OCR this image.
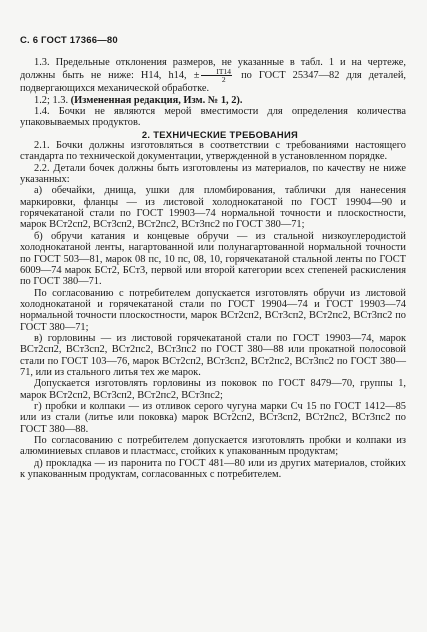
С. 6 ГОСТ 17366—80

1.3. Предельные отклонения размеров, не указанные в табл. 1 и на чертеже, должны быть не ниже: Н14, h14, ± $\frac{IT14}{2}$ по ГОСТ 25347—82 для деталей, подвергающихся механической обработке.

1.2; 1.3. (Измененная редакция, Изм. № 1, 2).

1.4. Бочки не являются мерой вместимости для определения количества упаковываемых продуктов.

2. ТЕХНИЧЕСКИЕ ТРЕБОВАНИЯ

2.1. Бочки должны изготовляться в соответствии с требованиями настоящего стандарта по технической документации, утвержденной в установленном порядке.

2.2. Детали бочек должны быть изготовлены из материалов, по качеству не ниже указанных:

а) обечайки, днища, ушки для пломбирования, таблички для нанесения маркировки, фланцы — из листовой холоднокатаной по ГОСТ 19904—90 и горячекатаной стали по ГОСТ 19903—74 нормальной точности и плоскостности, марок ВСт2сп2, ВСт3сп2, ВСт2пс2, ВСт3пс2 по ГОСТ 380—71;

б) обручи катания и концевые обручи — из стальной низкоуглеродистой холоднокатаной ленты, нагартованной или полунагартованной нормальной точности по ГОСТ 503—81, марок 08 пс, 10 пс, 08, 10, горячекатаной стальной ленты по ГОСТ 6009—74 марок БСт2, БСт3, первой или второй категории всех степеней раскисления по ГОСТ 380—71.

По согласованию с потребителем допускается изготовлять обручи из листовой холоднокатаной и горячекатаной стали по ГОСТ 19904—74 и ГОСТ 19903—74 нормальной точности плоскостности, марок ВСт2сп2, ВСт3сп2, ВСт2пс2, ВСт3пс2 по ГОСТ 380—71;

в) горловины — из листовой горячекатаной стали по ГОСТ 19903—74, марок ВСт2сп2, ВСт3сп2, ВСт2пс2, ВСт3пс2 по ГОСТ 380—88 или прокатной полосовой стали по ГОСТ 103—76, марок ВСт2сп2, ВСт3сп2, ВСт2пс2, ВСт3пс2 по ГОСТ 380—71, или из стального литья тех же марок.

Допускается изготовлять горловины из поковок по ГОСТ 8479—70, группы 1, марок ВСт2сп2, ВСт3сп2, ВСт2пс2, ВСт3пс2;

г) пробки и колпаки — из отливок серого чугуна марки Сч 15 по ГОСТ 1412—85 или из стали (литье или поковка) марок ВСт2сп2, ВСт3сп2, ВСт2пс2, ВСт3пс2 по ГОСТ 380—88.

По согласованию с потребителем допускается изготовлять пробки и колпаки из алюминиевых сплавов и пластмасс, стойких к упакованным продуктам;

д) прокладка — из паронита по ГОСТ 481—80 или из других материалов, стойких к упакованным продуктам, согласованных с потребителем.
